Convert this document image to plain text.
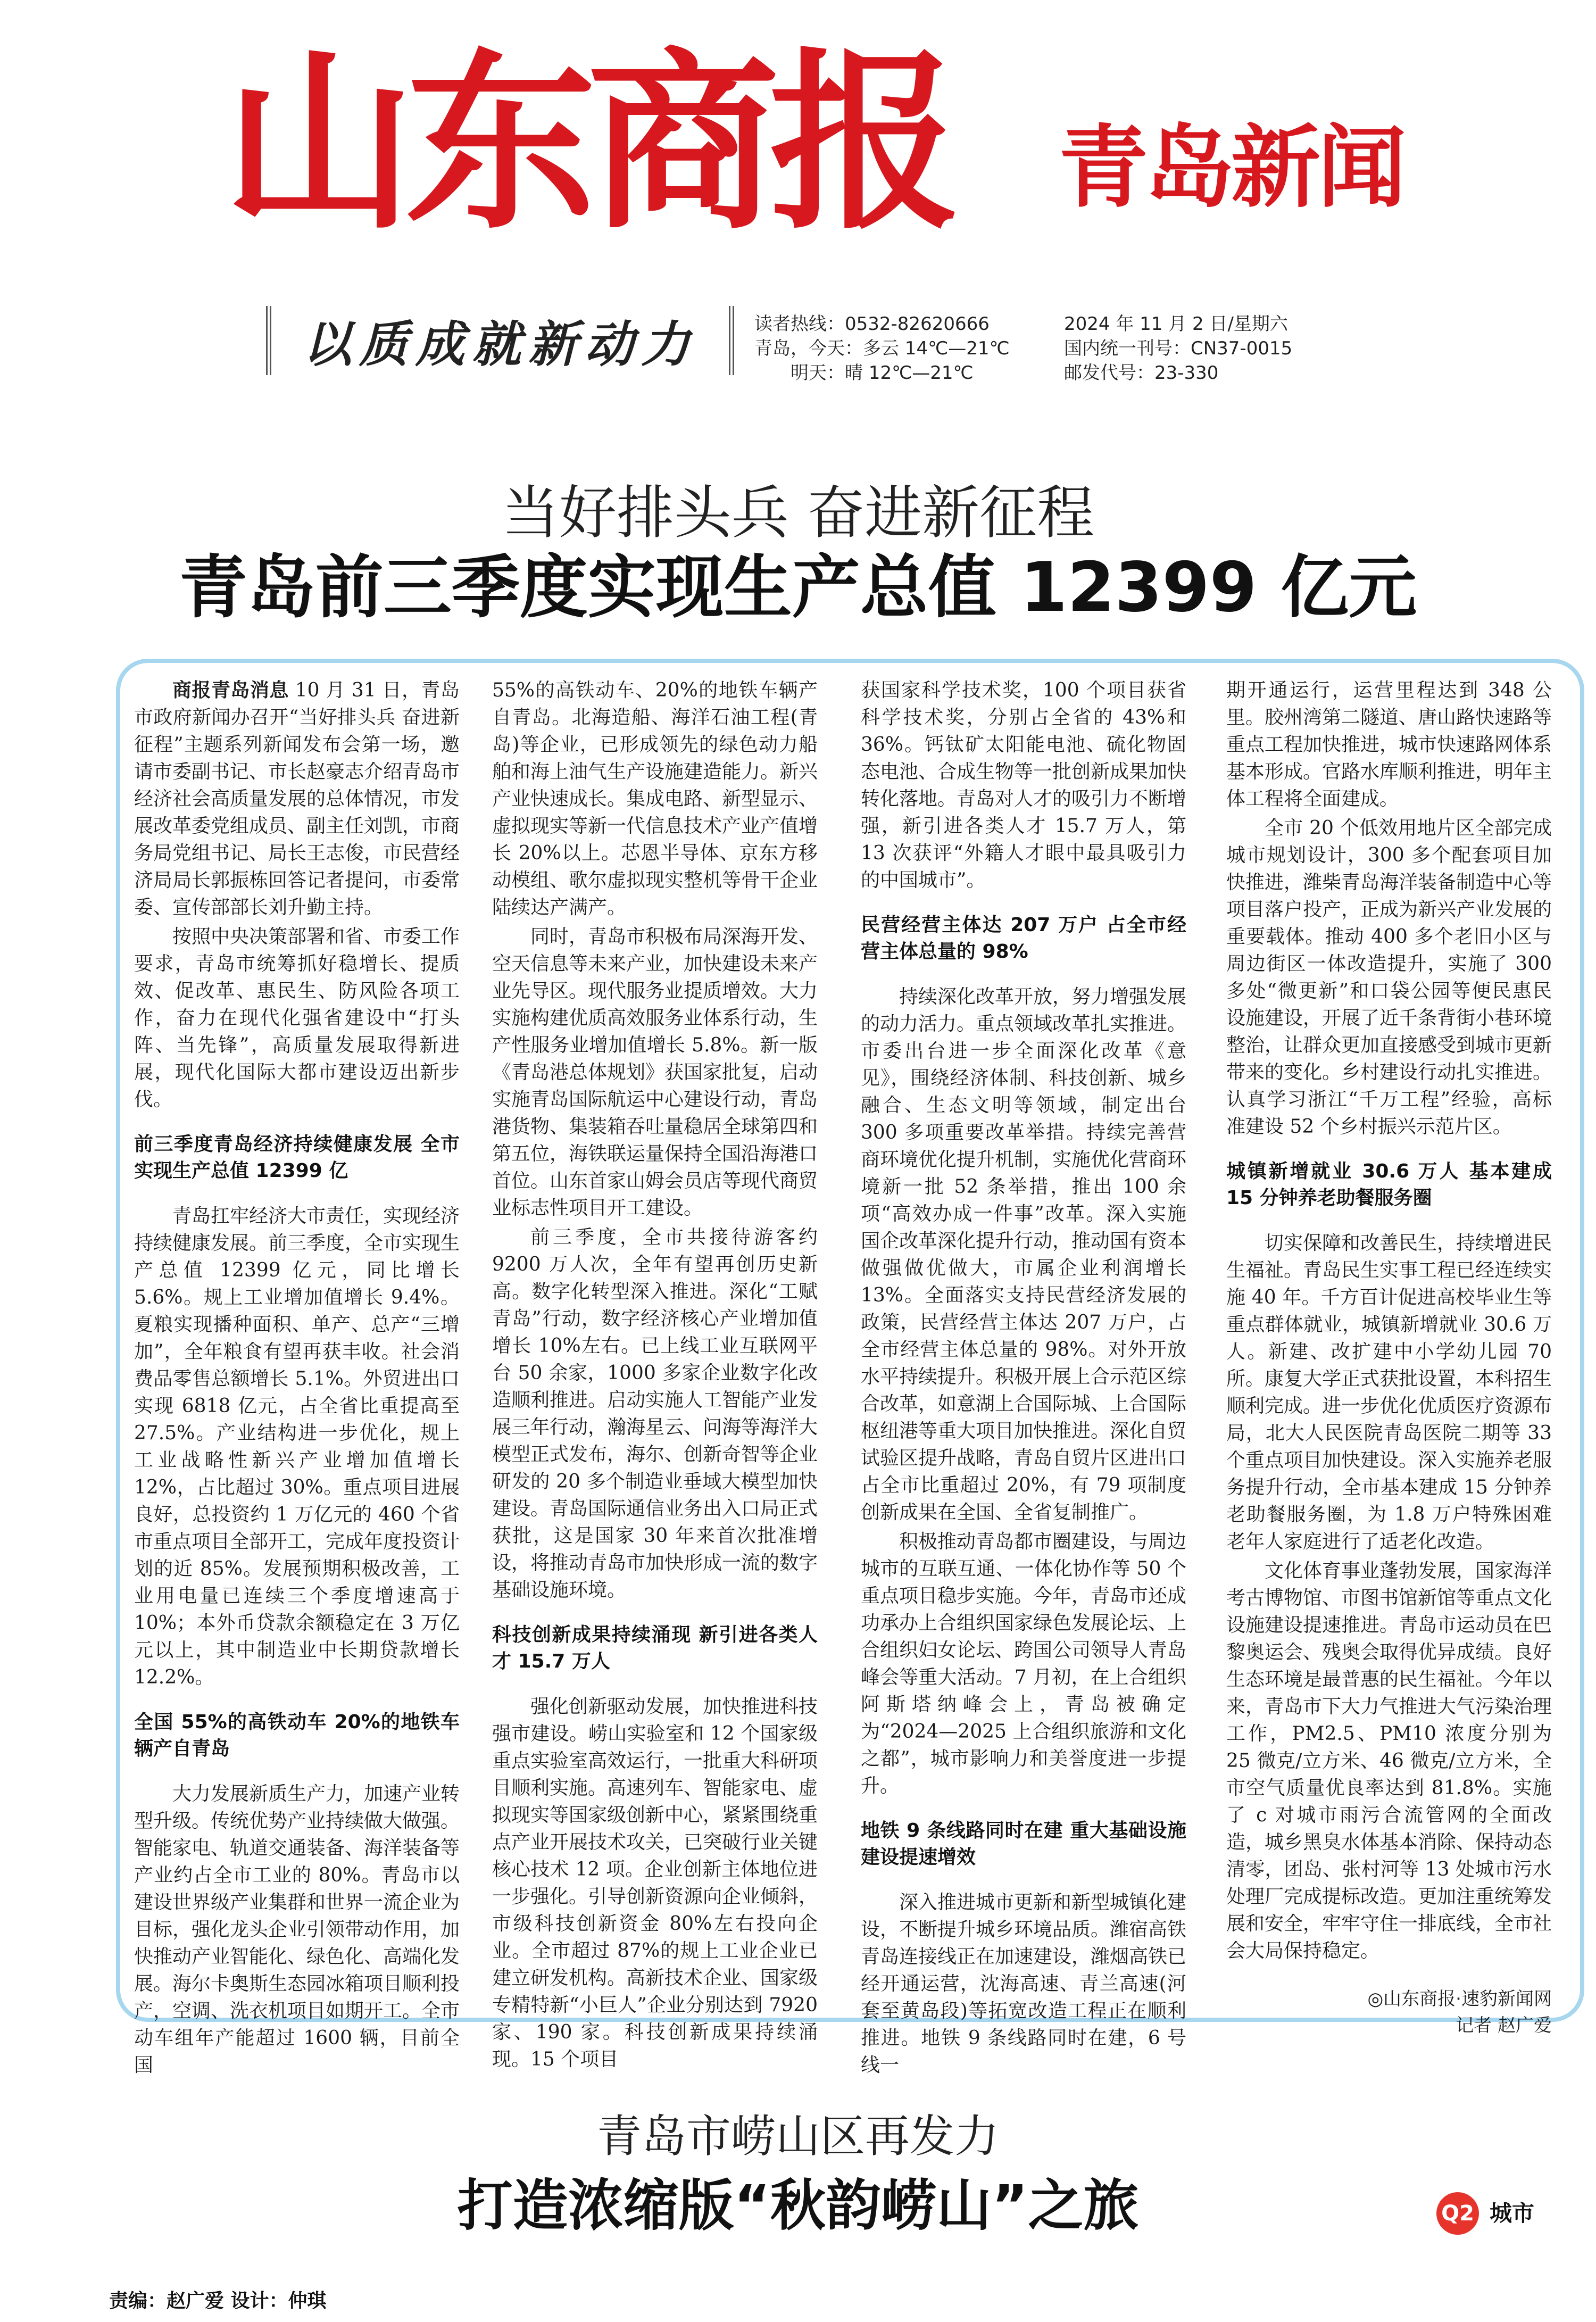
山东商报	青岛新闻
以质成就新动力	读者热线：0532-82620666
青岛，今天：多云 14℃—21℃
明天：晴 12℃—21℃
2024 年 11 月 2 日/星期六
国内统一刊号：CN37-0015
邮发代号：23-330
当好排头兵 奋进新征程
青岛前三季度实现生产总值 12399 亿元

商报青岛消息 10 月 31 日，青岛市政府新闻办召开“当好排头兵 奋进新征程”主题系列新闻发布会第一场，邀请市委副书记、市长赵豪志介绍青岛市经济社会高质量发展的总体情况，市发展改革委党组成员、副主任刘凯，市商务局党组书记、局长王志俊，市民营经济局局长郭振栋回答记者提问，市委常委、宣传部部长刘升勤主持。

按照中央决策部署和省、市委工作要求，青岛市统筹抓好稳增长、提质效、促改革、惠民生、防风险各项工作，奋力在现代化强省建设中“打头阵、当先锋”，高质量发展取得新进展，现代化国际大都市建设迈出新步伐。

前三季度青岛经济持续健康发展 全市实现生产总值 12399 亿

青岛扛牢经济大市责任，实现经济持续健康发展。前三季度，全市实现生产总值 12399 亿元，同比增长 5.6%。规上工业增加值增长 9.4%。夏粮实现播种面积、单产、总产“三增加”，全年粮食有望再获丰收。社会消费品零售总额增长 5.1%。外贸进出口实现 6818 亿元，占全省比重提高至 27.5%。产业结构进一步优化，规上工业战略性新兴产业增加值增长 12%，占比超过 30%。重点项目进展良好，总投资约 1 万亿元的 460 个省市重点项目全部开工，完成年度投资计划的近 85%。发展预期积极改善，工业用电量已连续三个季度增速高于 10%；本外币贷款余额稳定在 3 万亿元以上，其中制造业中长期贷款增长 12.2%。

全国 55%的高铁动车 20%的地铁车辆产自青岛

大力发展新质生产力，加速产业转型升级。传统优势产业持续做大做强。智能家电、轨道交通装备、海洋装备等产业约占全市工业的 80%。青岛市以建设世界级产业集群和世界一流企业为目标，强化龙头企业引领带动作用，加快推动产业智能化、绿色化、高端化发展。海尔卡奥斯生态园冰箱项目顺利投产，空调、洗衣机项目如期开工。全市动车组年产能超过 1600 辆，目前全国

55%的高铁动车、20%的地铁车辆产自青岛。北海造船、海洋石油工程(青岛)等企业，已形成领先的绿色动力船舶和海上油气生产设施建造能力。新兴产业快速成长。集成电路、新型显示、虚拟现实等新一代信息技术产业产值增长 20%以上。芯恩半导体、京东方移动模组、歌尔虚拟现实整机等骨干企业陆续达产满产。

同时，青岛市积极布局深海开发、空天信息等未来产业，加快建设未来产业先导区。现代服务业提质增效。大力实施构建优质高效服务业体系行动，生产性服务业增加值增长 5.8%。新一版《青岛港总体规划》获国家批复，启动实施青岛国际航运中心建设行动，青岛港货物、集装箱吞吐量稳居全球第四和第五位，海铁联运量保持全国沿海港口首位。山东首家山姆会员店等现代商贸业标志性项目开工建设。

前三季度，全市共接待游客约 9200 万人次，全年有望再创历史新高。数字化转型深入推进。深化“工赋青岛”行动，数字经济核心产业增加值增长 10%左右。已上线工业互联网平台 50 余家，1000 多家企业数字化改造顺利推进。启动实施人工智能产业发展三年行动，瀚海星云、问海等海洋大模型正式发布，海尔、创新奇智等企业研发的 20 多个制造业垂域大模型加快建设。青岛国际通信业务出入口局正式获批，这是国家 30 年来首次批准增设，将推动青岛市加快形成一流的数字基础设施环境。

科技创新成果持续涌现 新引进各类人才 15.7 万人

强化创新驱动发展，加快推进科技强市建设。崂山实验室和 12 个国家级重点实验室高效运行，一批重大科研项目顺利实施。高速列车、智能家电、虚拟现实等国家级创新中心，紧紧围绕重点产业开展技术攻关，已突破行业关键核心技术 12 项。企业创新主体地位进一步强化。引导创新资源向企业倾斜，市级科技创新资金 80%左右投向企业。全市超过 87%的规上工业企业已建立研发机构。高新技术企业、国家级专精特新“小巨人”企业分别达到 7920 家、190 家。科技创新成果持续涌现。15 个项目

获国家科学技术奖，100 个项目获省科学技术奖，分别占全省的 43%和 36%。钙钛矿太阳能电池、硫化物固态电池、合成生物等一批创新成果加快转化落地。青岛对人才的吸引力不断增强，新引进各类人才 15.7 万人，第 13 次获评“外籍人才眼中最具吸引力的中国城市”。

民营经营主体达 207 万户 占全市经营主体总量的 98%

持续深化改革开放，努力增强发展的动力活力。重点领域改革扎实推进。市委出台进一步全面深化改革《意见》，围绕经济体制、科技创新、城乡融合、生态文明等领域，制定出台 300 多项重要改革举措。持续完善营商环境优化提升机制，实施优化营商环境新一批 52 条举措，推出 100 余项“高效办成一件事”改革。深入实施国企改革深化提升行动，推动国有资本做强做优做大，市属企业利润增长 13%。全面落实支持民营经济发展的政策，民营经营主体达 207 万户，占全市经营主体总量的 98%。对外开放水平持续提升。积极开展上合示范区综合改革，如意湖上合国际城、上合国际枢纽港等重大项目加快推进。深化自贸试验区提升战略，青岛自贸片区进出口占全市比重超过 20%，有 79 项制度创新成果在全国、全省复制推广。

积极推动青岛都市圈建设，与周边城市的互联互通、一体化协作等 50 个重点项目稳步实施。今年，青岛市还成功承办上合组织国家绿色发展论坛、上合组织妇女论坛、跨国公司领导人青岛峰会等重大活动。7 月初，在上合组织阿斯塔纳峰会上，青岛被确定为“2024—2025 上合组织旅游和文化之都”，城市影响力和美誉度进一步提升。

地铁 9 条线路同时在建 重大基础设施建设提速增效

深入推进城市更新和新型城镇化建设，不断提升城乡环境品质。潍宿高铁青岛连接线正在加速建设，潍烟高铁已经开通运营，沈海高速、青兰高速(河套至黄岛段)等拓宽改造工程正在顺利推进。地铁 9 条线路同时在建，6 号线一

期开通运行，运营里程达到 348 公里。胶州湾第二隧道、唐山路快速路等重点工程加快推进，城市快速路网体系基本形成。官路水库顺利推进，明年主体工程将全面建成。

全市 20 个低效用地片区全部完成城市规划设计，300 多个配套项目加快推进，潍柴青岛海洋装备制造中心等项目落户投产，正成为新兴产业发展的重要载体。推动 400 多个老旧小区与周边街区一体改造提升，实施了 300 多处“微更新”和口袋公园等便民惠民设施建设，开展了近千条背街小巷环境整治，让群众更加直接感受到城市更新带来的变化。乡村建设行动扎实推进。认真学习浙江“千万工程”经验，高标准建设 52 个乡村振兴示范片区。

城镇新增就业 30.6 万人 基本建成 15 分钟养老助餐服务圈

切实保障和改善民生，持续增进民生福祉。青岛民生实事工程已经连续实施 40 年。千方百计促进高校毕业生等重点群体就业，城镇新增就业 30.6 万人。新建、改扩建中小学幼儿园 70 所。康复大学正式获批设置，本科招生顺利完成。进一步优化优质医疗资源布局，北大人民医院青岛医院二期等 33 个重点项目加快建设。深入实施养老服务提升行动，全市基本建成 15 分钟养老助餐服务圈，为 1.8 万户特殊困难老年人家庭进行了适老化改造。

文化体育事业蓬勃发展，国家海洋考古博物馆、市图书馆新馆等重点文化设施建设提速推进。青岛市运动员在巴黎奥运会、残奥会取得优异成绩。良好生态环境是最普惠的民生福祉。今年以来，青岛市下大力气推进大气污染治理工作，PM2.5、PM10 浓度分别为 25 微克/立方米、46 微克/立方米，全市空气质量优良率达到 81.8%。实施了 c 对城市雨污合流管网的全面改造，城乡黑臭水体基本消除、保持动态清零，团岛、张村河等 13 处城市污水处理厂完成提标改造。更加注重统筹发展和安全，牢牢守住一排底线，全市社会大局保持稳定。

◎山东商报·速豹新闻网
记者 赵广爱
青岛市崂山区再发力
打造浓缩版“秋韵崂山”之旅	Q2 城市
责编：赵广爱 设计：仲琪
